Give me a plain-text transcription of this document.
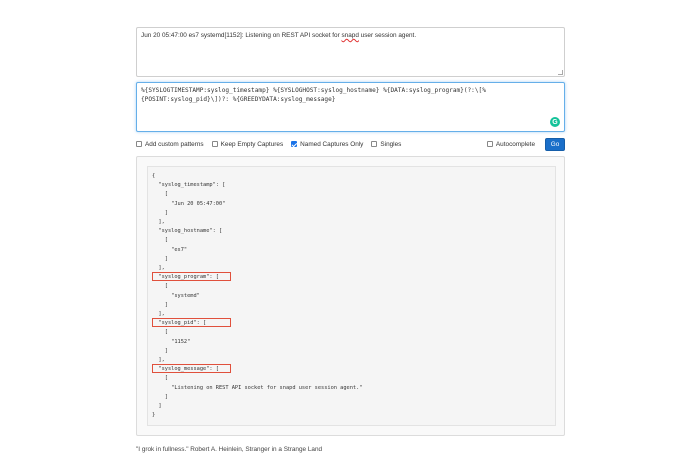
Jun 20 05:47:00 es7 systemd[1152]: Listening on REST API socket for snapd user session agent.
%{SYSLOGTIMESTAMP:syslog_timestamp} %{SYSLOGHOST:syslog_hostname} %{DATA:syslog_program}(?:\[%{POSINT:syslog_pid}\])?: %{GREEDYDATA:syslog_message}
G
Add custom patterns	Keep Empty Captures	Named Captures Only	Singles	Autocomplete	Go
{
"syslog_timestamp": [
[
"Jun 20 05:47:00"
]
],
"syslog_hostname": [
[
"es7"
]
],
"syslog_program": [
[
"systemd"
]
],
"syslog_pid": [
[
"1152"
]
],
"syslog_message": [
[
"Listening on REST API socket for snapd user session agent."
]
]
}
"I grok in fullness." Robert A. Heinlein, Stranger in a Strange Land
